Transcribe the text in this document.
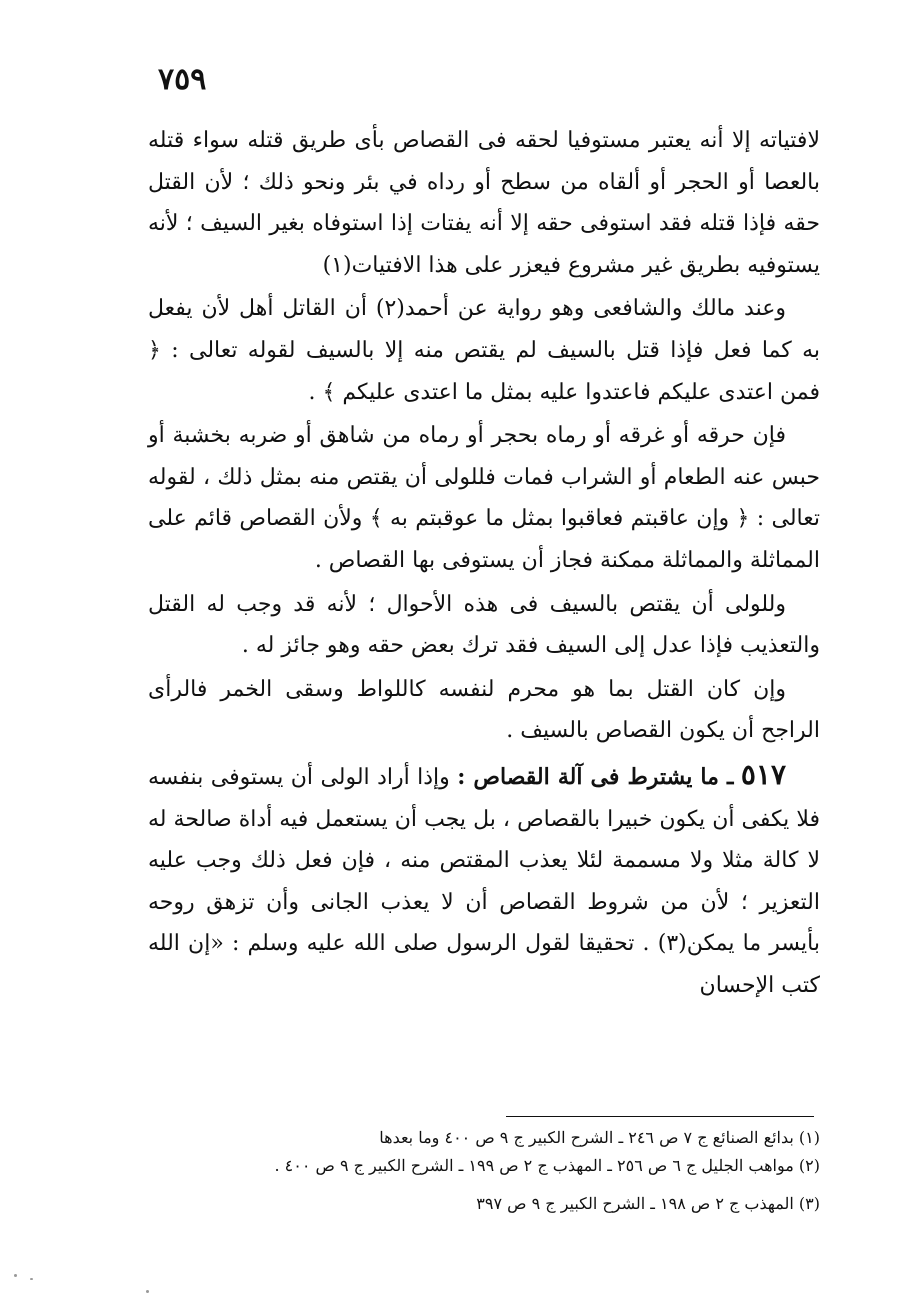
٧٥٩

لافتياته إلا أنه يعتبر مستوفيا لحقه فى القصاص بأى طريق قتله سواء قتله بالعصا أو الحجر أو ألقاه من سطح أو رداه في بئر ونحو ذلك ؛ لأن القتل حقه فإذا قتله فقد استوفى حقه إلا أنه يفتات إذا استوفاه بغير السيف ؛ لأنه يستوفيه بطريق غير مشروع فيعزر على هذا الافتيات(١)

وعند مالك والشافعى وهو رواية عن أحمد(٢) أن القاتل أهل لأن يفعل به كما فعل فإذا قتل بالسيف لم يقتص منه إلا بالسيف لقوله تعالى : ﴿ فمن اعتدى عليكم فاعتدوا عليه بمثل ما اعتدى عليكم ﴾ .

فإن حرقه أو غرقه أو رماه بحجر أو رماه من شاهق أو ضربه بخشبة أو حبس عنه الطعام أو الشراب فمات فللولى أن يقتص منه بمثل ذلك ، لقوله تعالى : ﴿ وإن عاقبتم فعاقبوا بمثل ما عوقبتم به ﴾ ولأن القصاص قائم على المماثلة والمماثلة ممكنة فجاز أن يستوفى بها القصاص .

وللولى أن يقتص بالسيف فى هذه الأحوال ؛ لأنه قد وجب له القتل والتعذيب فإذا عدل إلى السيف فقد ترك بعض حقه وهو جائز له .

وإن كان القتل بما هو محرم لنفسه كاللواط وسقى الخمر فالرأى الراجح أن يكون القصاص بالسيف .

٥١٧ ـ ما يشترط فى آلة القصاص : وإذا أراد الولى أن يستوفى بنفسه فلا يكفى أن يكون خبيرا بالقصاص ، بل يجب أن يستعمل فيه أداة صالحة له لا كالة مثلا ولا مسممة لئلا يعذب المقتص منه ، فإن فعل ذلك وجب عليه التعزير ؛ لأن من شروط القصاص أن لا يعذب الجانى وأن تزهق روحه بأيسر ما يمكن(٣) . تحقيقا لقول الرسول صلى الله عليه وسلم : «إن الله كتب الإحسان

(١) بدائع الصنائع ج ٧ ص ٢٤٦ ـ الشرح الكبير ج ٩ ص ٤٠٠ وما بعدها

(٢) مواهب الجليل ج ٦ ص ٢٥٦ ـ المهذب ج ٢ ص ١٩٩ ـ الشرح الكبير ج ٩ ص ٤٠٠ .

(٣) المهذب ج ٢ ص ١٩٨ ـ الشرح الكبير ج ٩ ص ٣٩٧
